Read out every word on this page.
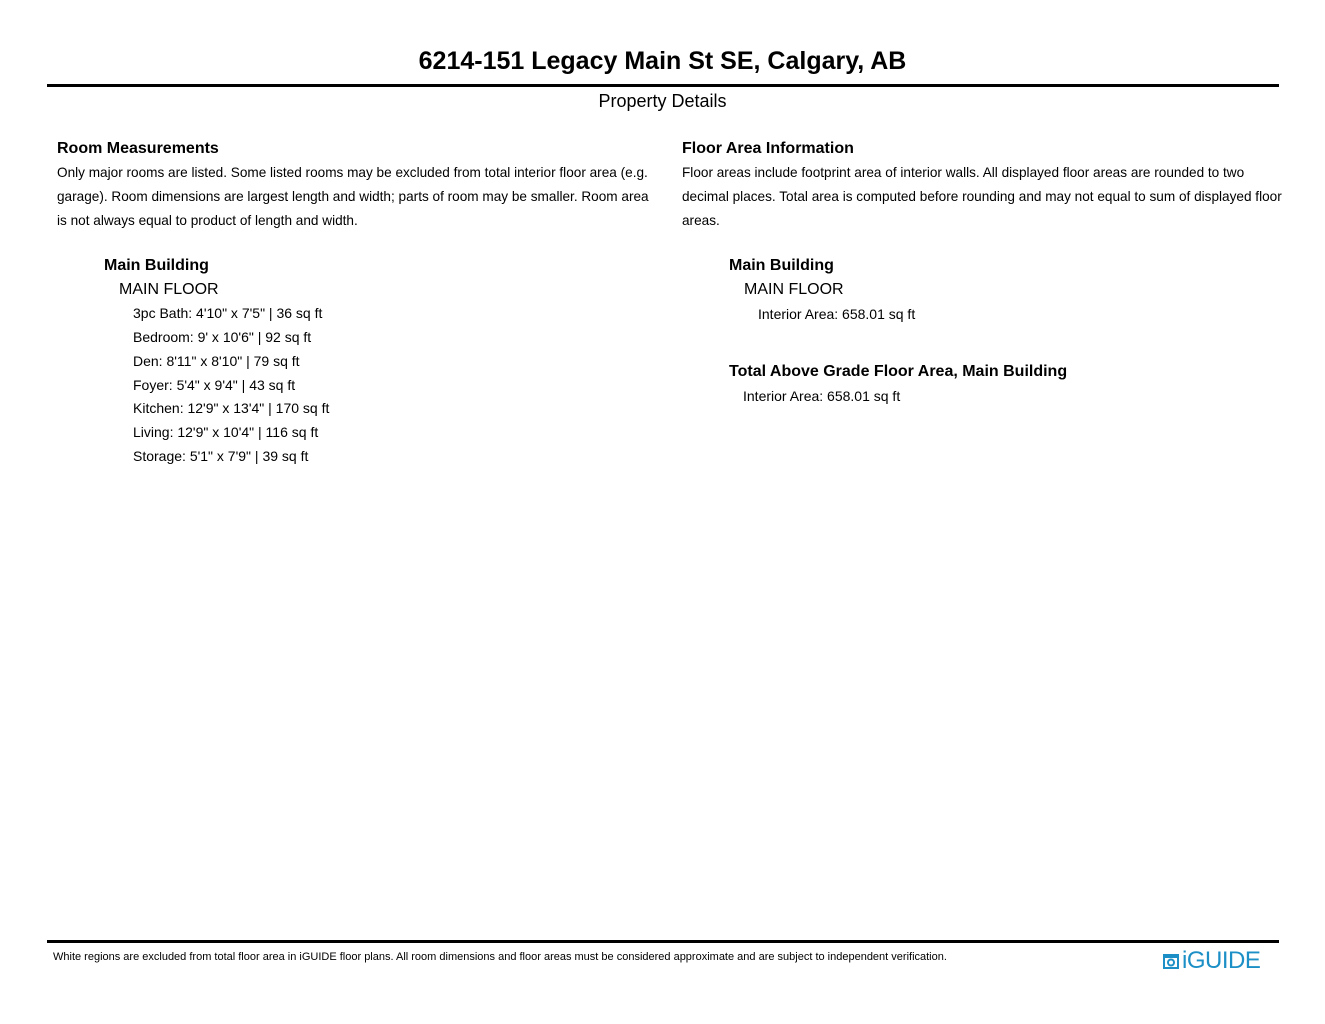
6214-151 Legacy Main St SE, Calgary, AB
Property Details
Room Measurements
Only major rooms are listed. Some listed rooms may be excluded from total interior floor area (e.g. garage). Room dimensions are largest length and width; parts of room may be smaller. Room area is not always equal to product of length and width.
Main Building
MAIN FLOOR
3pc Bath: 4'10" x 7'5" | 36 sq ft
Bedroom: 9' x 10'6" | 92 sq ft
Den: 8'11" x 8'10" | 79 sq ft
Foyer: 5'4" x 9'4" | 43 sq ft
Kitchen: 12'9" x 13'4" | 170 sq ft
Living: 12'9" x 10'4" | 116 sq ft
Storage: 5'1" x 7'9" | 39 sq ft
Floor Area Information
Floor areas include footprint area of interior walls. All displayed floor areas are rounded to two decimal places. Total area is computed before rounding and may not equal to sum of displayed floor areas.
Main Building
MAIN FLOOR
Interior Area: 658.01 sq ft
Total Above Grade Floor Area, Main Building
Interior Area: 658.01 sq ft
White regions are excluded from total floor area in iGUIDE floor plans. All room dimensions and floor areas must be considered approximate and are subject to independent verification.	iGUIDE
